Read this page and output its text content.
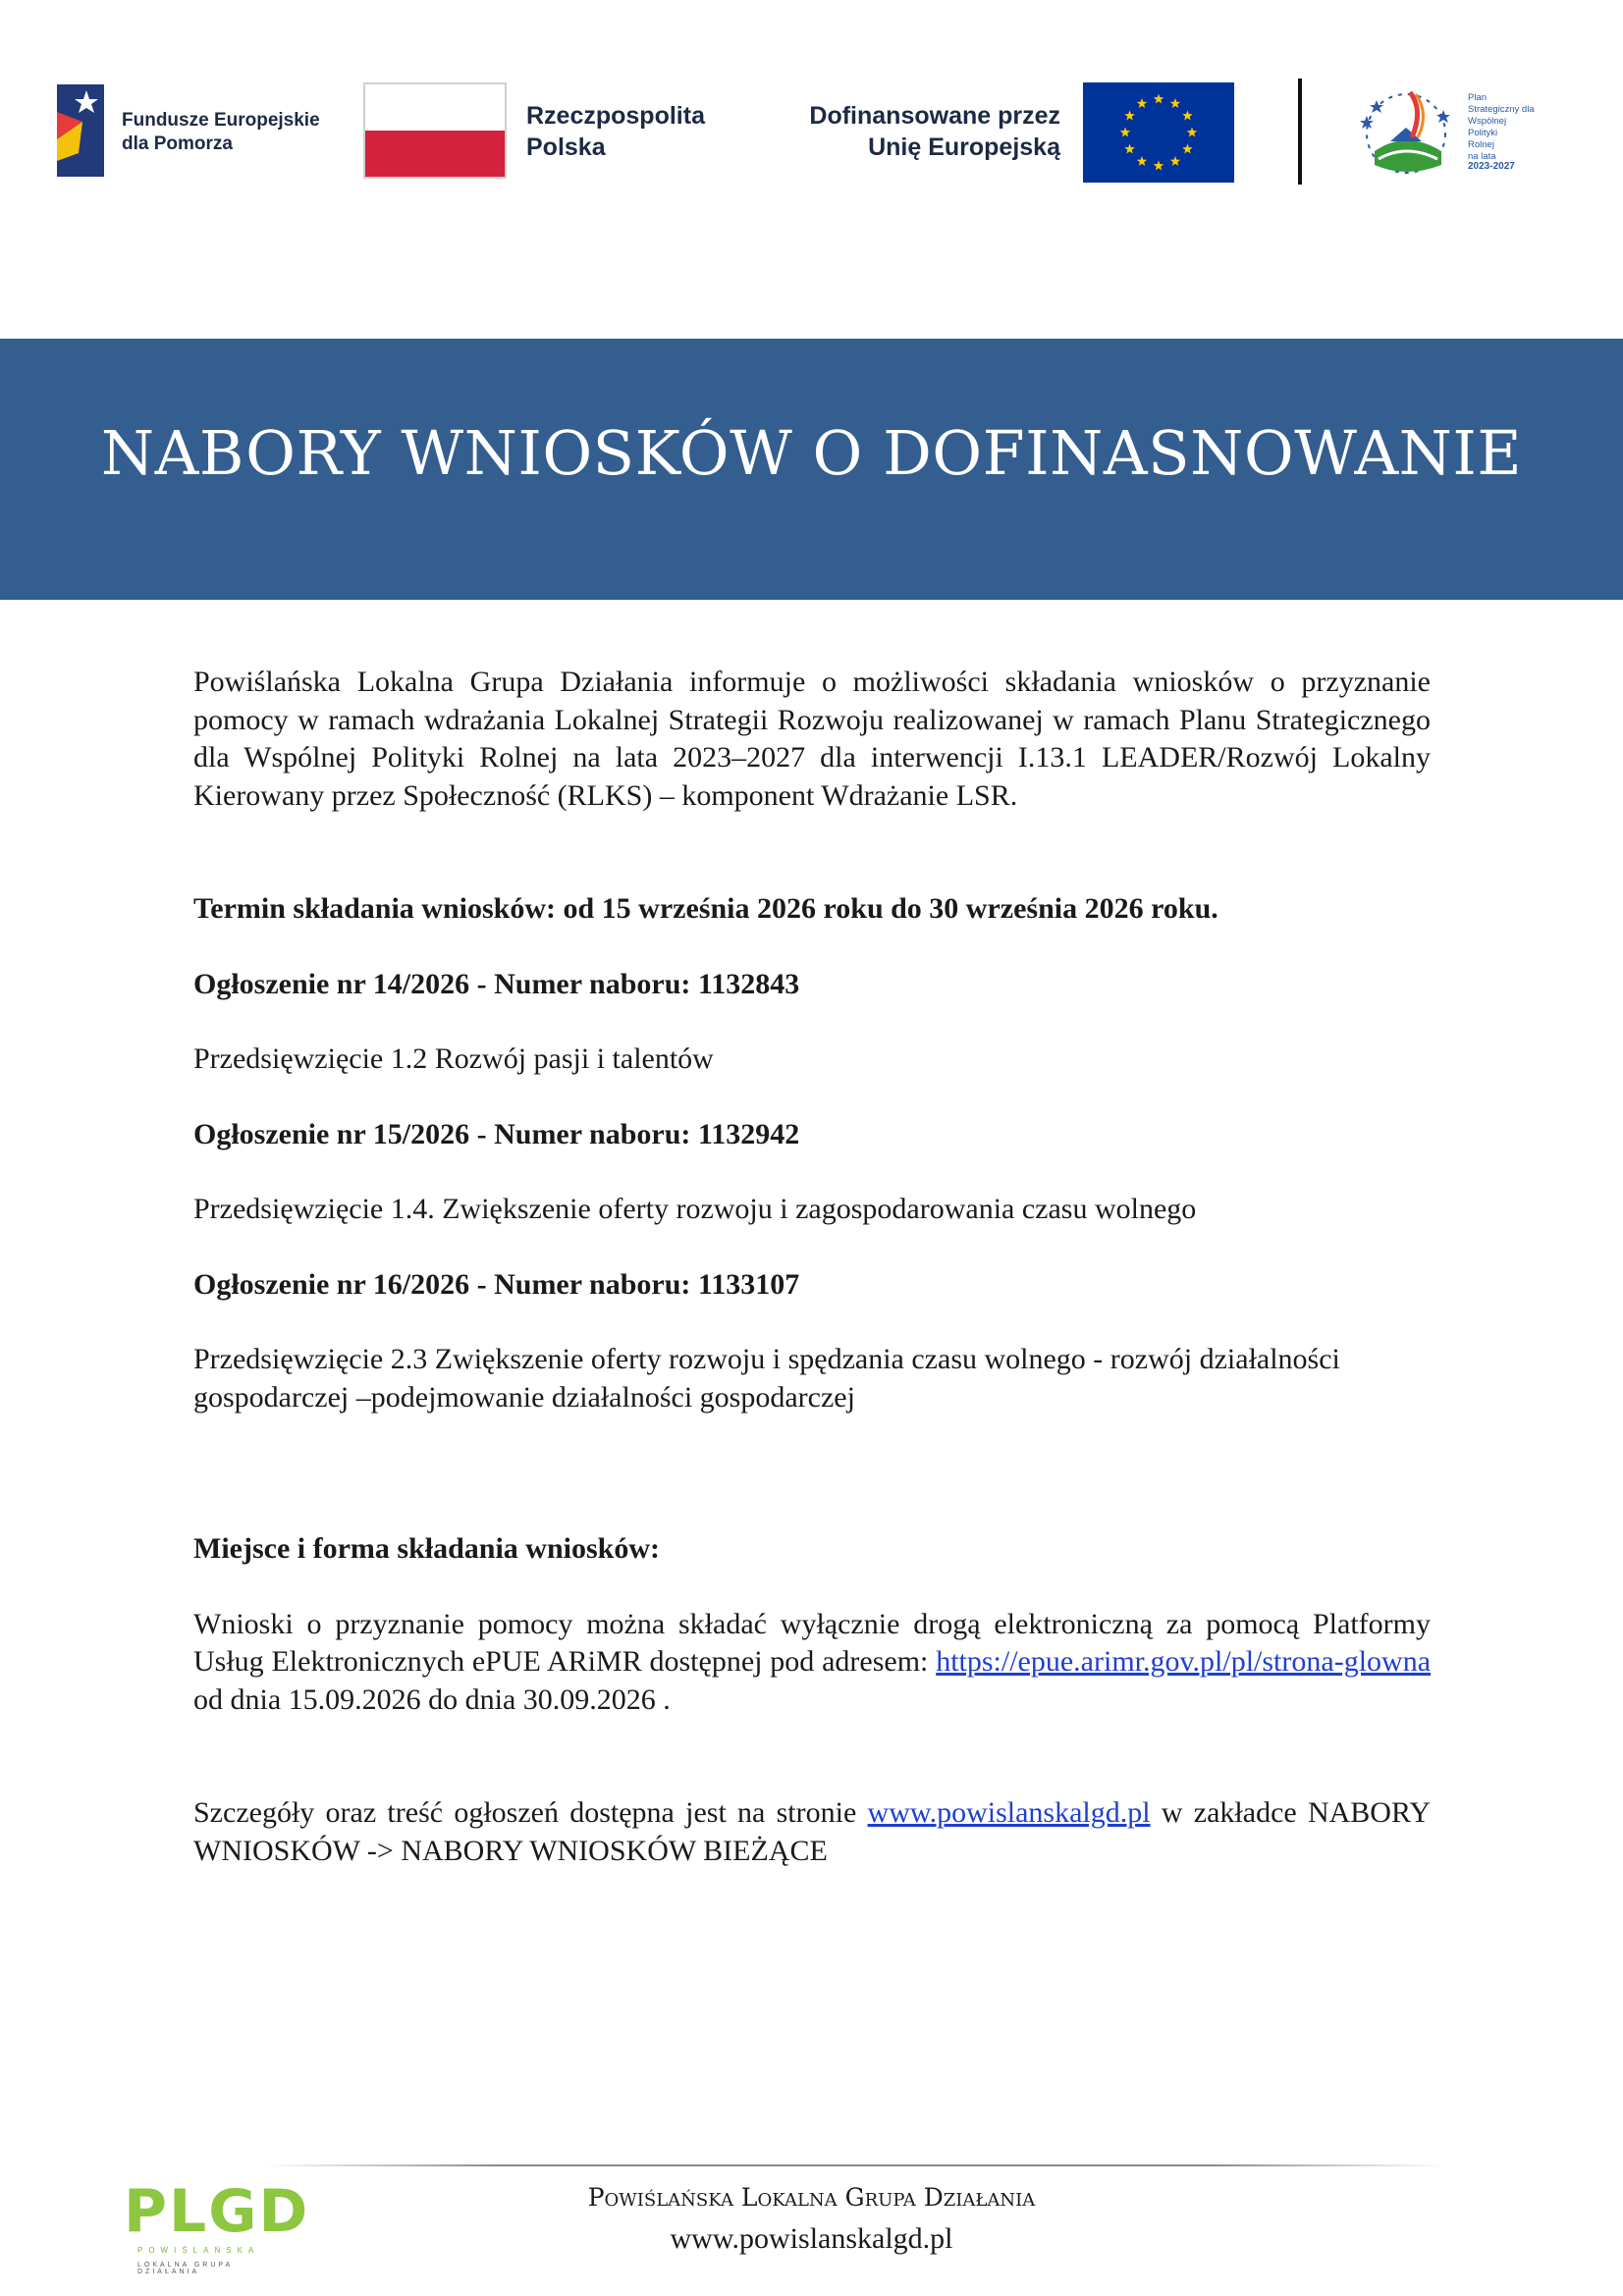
Fundusze Europejskie
dla Pomorza
Rzeczpospolita
Polska
Dofinansowane przez
Unię Europejską
Plan
Strategiczny dla
Wspólnej
Polityki
Rolnej
na lata
2023-2027
NABORY WNIOSKÓW O DOFINASNOWANIE

Powiślańska Lokalna Grupa Działania informuje o możliwości składania wniosków o przyznanie pomocy w ramach wdrażania Lokalnej Strategii Rozwoju realizowanej w ramach Planu Strategicznego dla Wspólnej Polityki Rolnej na lata 2023–2027 dla interwencji I.13.1 LEADER/Rozwój Lokalny Kierowany przez Społeczność (RLKS) – komponent Wdrażanie LSR.

Termin składania wniosków: od 15 września 2026 roku do 30 września 2026 roku.

Ogłoszenie nr 14/2026 - Numer naboru: 1132843

Przedsięwzięcie 1.2 Rozwój pasji i talentów

Ogłoszenie nr 15/2026 - Numer naboru: 1132942

Przedsięwzięcie 1.4. Zwiększenie oferty rozwoju i zagospodarowania czasu wolnego

Ogłoszenie nr 16/2026 - Numer naboru: 1133107

Przedsięwzięcie 2.3 Zwiększenie oferty rozwoju i spędzania czasu wolnego - rozwój działalności gospodarczej –podejmowanie działalności gospodarczej

Miejsce i forma składania wniosków:

Wnioski o przyznanie pomocy można składać wyłącznie drogą elektroniczną za pomocą Platformy Usług Elektronicznych ePUE ARiMR dostępnej pod adresem: https://epue.arimr.gov.pl/pl/strona-glowna od dnia 15.09.2026 do dnia 30.09.2026 .

Szczegóły oraz treść ogłoszeń dostępna jest na stronie www.powislanskalgd.pl w zakładce NABORY WNIOSKÓW -> NABORY WNIOSKÓW BIEŻĄCE

PLGD
POWIŚLAŃSKA
LOKALNA GRUPA DZIAŁANIA
Powiślańska Lokalna Grupa Działania
www.powislanskalgd.pl
